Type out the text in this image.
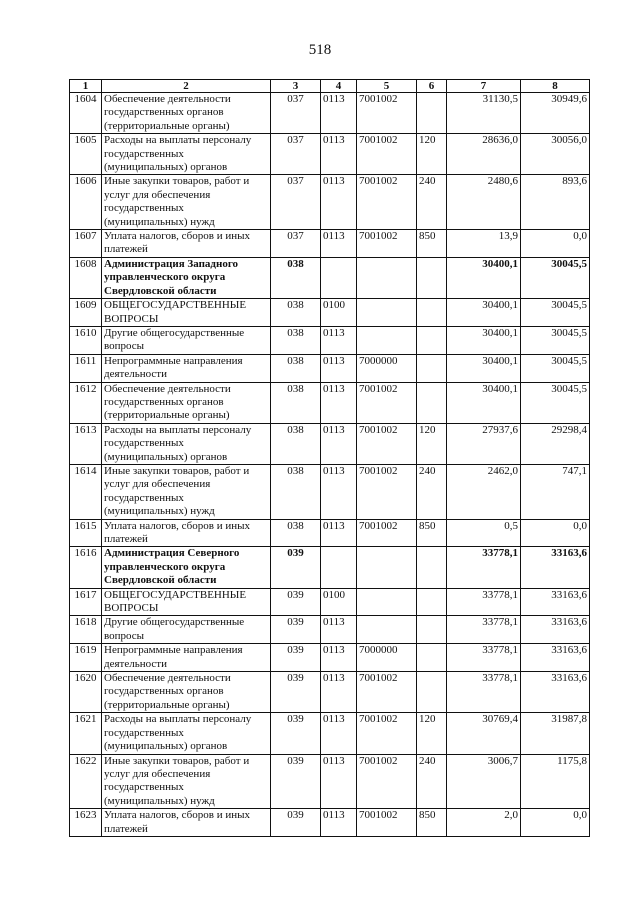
518
1	2	3	4	5	6	7	8
1604	Обеспечение деятельности государственных органов (территориальные органы)	037	0113	7001002		31130,5	30949,6
1605	Расходы на выплаты персоналу государственных (муниципальных) органов	037	0113	7001002	120	28636,0	30056,0
1606	Иные закупки товаров, работ и услуг для обеспечения государственных (муниципальных) нужд	037	0113	7001002	240	2480,6	893,6
1607	Уплата налогов, сборов и иных платежей	037	0113	7001002	850	13,9	0,0
1608	Администрация Западного управленческого округа Свердловской области	038				30400,1	30045,5
1609	ОБЩЕГОСУДАРСТВЕННЫЕ ВОПРОСЫ	038	0100			30400,1	30045,5
1610	Другие общегосударственные вопросы	038	0113			30400,1	30045,5
1611	Непрограммные направления деятельности	038	0113	7000000		30400,1	30045,5
1612	Обеспечение деятельности государственных органов (территориальные органы)	038	0113	7001002		30400,1	30045,5
1613	Расходы на выплаты персоналу государственных (муниципальных) органов	038	0113	7001002	120	27937,6	29298,4
1614	Иные закупки товаров, работ и услуг для обеспечения государственных (муниципальных) нужд	038	0113	7001002	240	2462,0	747,1
1615	Уплата налогов, сборов и иных платежей	038	0113	7001002	850	0,5	0,0
1616	Администрация Северного управленческого округа Свердловской области	039				33778,1	33163,6
1617	ОБЩЕГОСУДАРСТВЕННЫЕ ВОПРОСЫ	039	0100			33778,1	33163,6
1618	Другие общегосударственные вопросы	039	0113			33778,1	33163,6
1619	Непрограммные направления деятельности	039	0113	7000000		33778,1	33163,6
1620	Обеспечение деятельности государственных органов (территориальные органы)	039	0113	7001002		33778,1	33163,6
1621	Расходы на выплаты персоналу государственных (муниципальных) органов	039	0113	7001002	120	30769,4	31987,8
1622	Иные закупки товаров, работ и услуг для обеспечения государственных (муниципальных) нужд	039	0113	7001002	240	3006,7	1175,8
1623	Уплата налогов, сборов и иных платежей	039	0113	7001002	850	2,0	0,0
